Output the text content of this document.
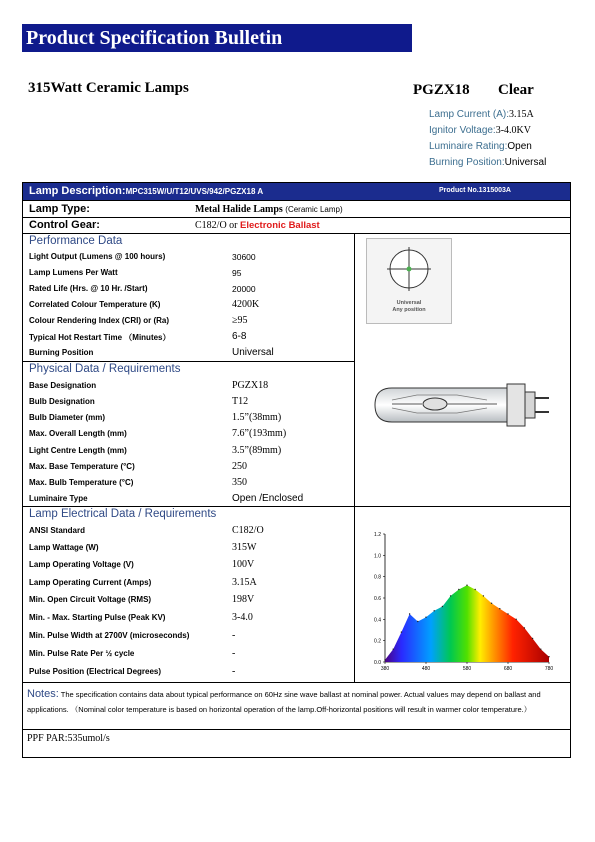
Product Specification Bulletin
315Watt Ceramic Lamps	PGZX18 Clear
Lamp Current (A):3.15A
Ignitor Voltage:3-4.0KV
Luminaire Rating:Open
Burning Position:Universal
Lamp Description:MPC315W/U/T12/UVS/942/PGZX18 A	Product No.1315003A
Lamp Type:	Metal Halide Lamps (Ceramic Lamp)
Control Gear:	C182/O or Electronic Ballast
Performance Data
Light Output (Lumens @ 100 hours)	30600
Lamp Lumens Per Watt	95
Rated Life (Hrs. @ 10 Hr. /Start)	20000
Correlated Colour Temperature (K)	4200K
Colour Rendering Index (CRI) or (Ra)	≥95
Typical Hot Restart Time （Minutes）	6-8
Burning Position	Universal
Physical Data / Requirements
Base Designation	PGZX18
Bulb Designation	T12
Bulb Diameter (mm)	1.5”(38mm)
Max. Overall Length (mm)	7.6”(193mm)
Light Centre Length (mm)	3.5”(89mm)
Max. Base Temperature (°C)	250
Max. Bulb Temperature (°C)	350
Luminaire Type	Open /Enclosed
Lamp Electrical Data / Requirements
ANSI Standard	C182/O
Lamp Wattage (W)	315W
Lamp Operating Voltage (V)	100V
Lamp Operating Current (Amps)	3.15A
Min. Open Circuit Voltage (RMS)	198V
Min. - Max. Starting Pulse (Peak KV)	3-4.0
Min. Pulse Width at 2700V (microseconds)	-
Min. Pulse Rate Per ½ cycle	-
Pulse Position (Electrical Degrees)	-
Universal
Any position
0.0
0.2
0.4
0.6
0.8
1.0
1.2
380	480	580	680	780
Notes: The specification contains data about typical performance on 60Hz sine wave ballast at nominal power. Actual values may depend on ballast and applications. （Nominal color temperature is based on horizontal operation of the lamp.Off-horizontal positions will result in warmer color temperature.）
PPF PAR:535umol/s
